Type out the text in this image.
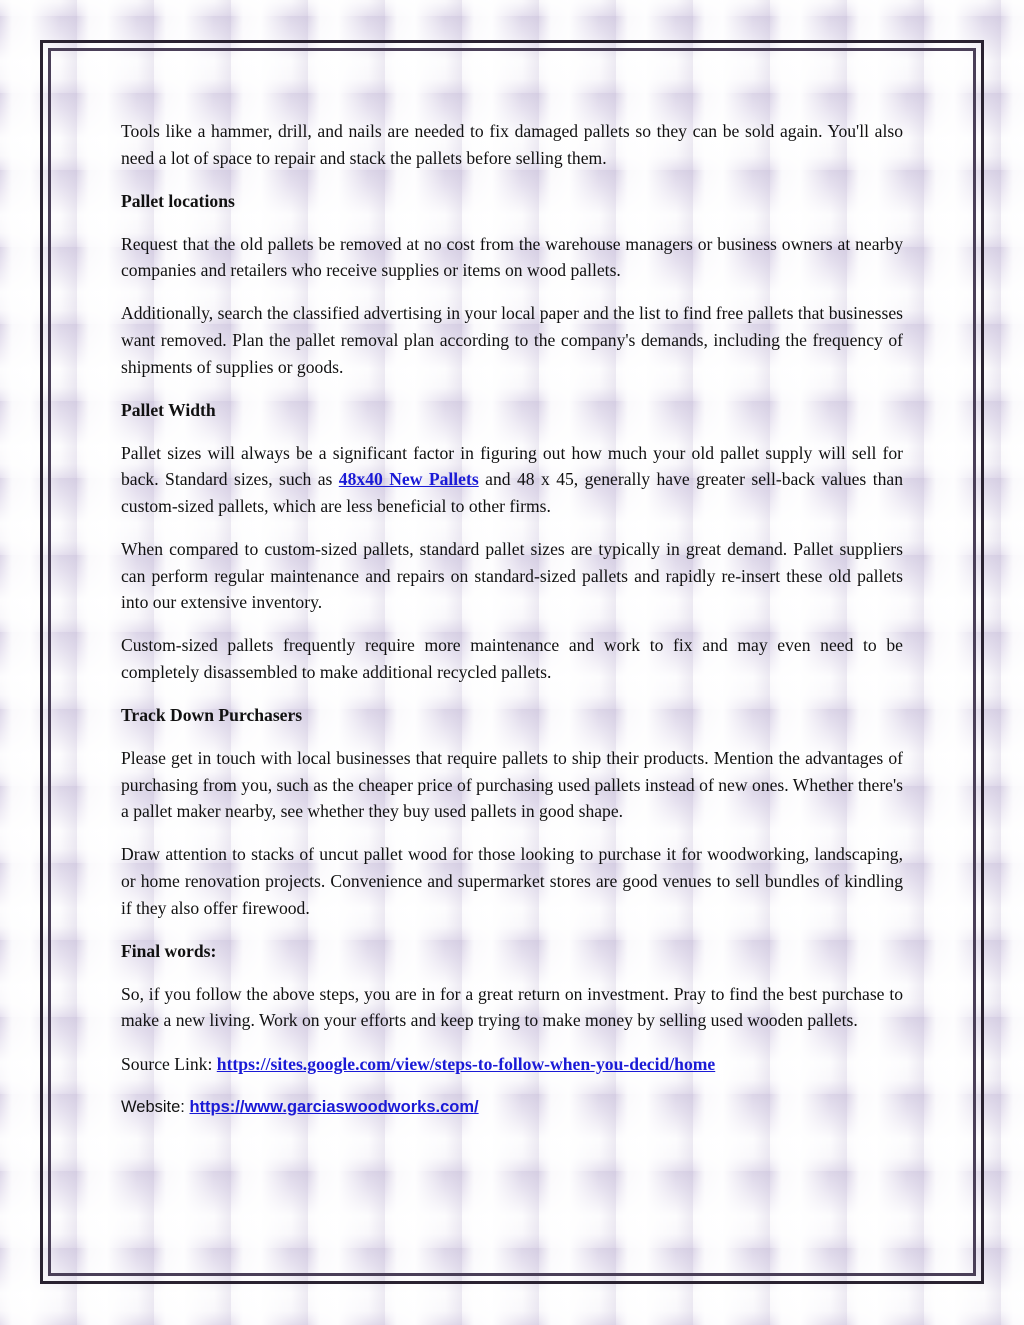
Tools like a hammer, drill, and nails are needed to fix damaged pallets so they can be sold again. You'll also need a lot of space to repair and stack the pallets before selling them.

Pallet locations

Request that the old pallets be removed at no cost from the warehouse managers or business owners at nearby companies and retailers who receive supplies or items on wood pallets.

Additionally, search the classified advertising in your local paper and the list to find free pallets that businesses want removed. Plan the pallet removal plan according to the company's demands, including the frequency of shipments of supplies or goods.

Pallet Width

Pallet sizes will always be a significant factor in figuring out how much your old pallet supply will sell for back. Standard sizes, such as 48x40 New Pallets and 48 x 45, generally have greater sell-back values than custom-sized pallets, which are less beneficial to other firms.

When compared to custom-sized pallets, standard pallet sizes are typically in great demand. Pallet suppliers can perform regular maintenance and repairs on standard-sized pallets and rapidly re-insert these old pallets into our extensive inventory.

Custom-sized pallets frequently require more maintenance and work to fix and may even need to be completely disassembled to make additional recycled pallets.

Track Down Purchasers

Please get in touch with local businesses that require pallets to ship their products. Mention the advantages of purchasing from you, such as the cheaper price of purchasing used pallets instead of new ones. Whether there's a pallet maker nearby, see whether they buy used pallets in good shape.

Draw attention to stacks of uncut pallet wood for those looking to purchase it for woodworking, landscaping, or home renovation projects. Convenience and supermarket stores are good venues to sell bundles of kindling if they also offer firewood.

Final words:

So, if you follow the above steps, you are in for a great return on investment. Pray to find the best purchase to make a new living. Work on your efforts and keep trying to make money by selling used wooden pallets.

Source Link: https://sites.google.com/view/steps-to-follow-when-you-decid/home

Website: https://www.garciaswoodworks.com/
